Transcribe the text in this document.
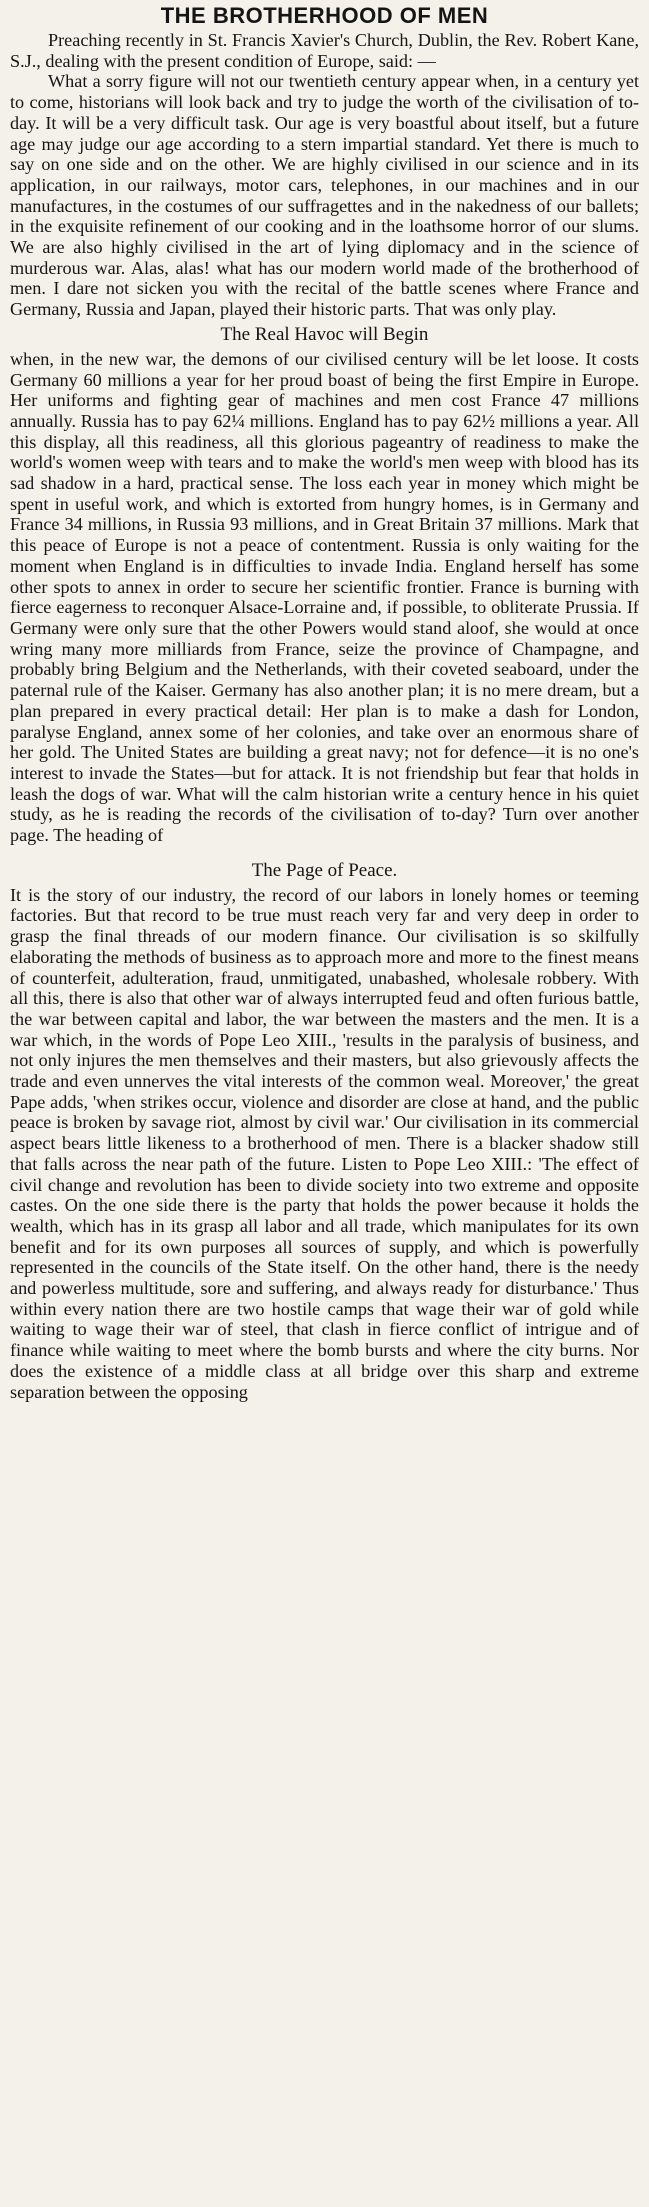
THE BROTHERHOOD OF MEN

Preaching recently in St. Francis Xavier's Church, Dublin, the Rev. Robert Kane, S.J., dealing with the present condition of Europe, said: —

What a sorry figure will not our twentieth century appear when, in a century yet to come, historians will look back and try to judge the worth of the civilisation of to-day. It will be a very difficult task. Our age is very boastful about itself, but a future age may judge our age according to a stern impartial standard. Yet there is much to say on one side and on the other. We are highly civilised in our science and in its application, in our railways, motor cars, telephones, in our machines and in our manufactures, in the costumes of our suffragettes and in the nakedness of our ballets; in the exquisite refinement of our cooking and in the loathsome horror of our slums. We are also highly civilised in the art of lying diplomacy and in the science of murderous war. Alas, alas! what has our modern world made of the brotherhood of men. I dare not sicken you with the recital of the battle scenes where France and Germany, Russia and Japan, played their historic parts. That was only play.

The Real Havoc will Begin

when, in the new war, the demons of our civilised century will be let loose. It costs Germany 60 millions a year for her proud boast of being the first Empire in Europe. Her uniforms and fighting gear of machines and men cost France 47 millions annually. Russia has to pay 62¼ millions. England has to pay 62½ millions a year. All this display, all this readiness, all this glorious pageantry of readiness to make the world's women weep with tears and to make the world's men weep with blood has its sad shadow in a hard, practical sense. The loss each year in money which might be spent in useful work, and which is extorted from hungry homes, is in Germany and France 34 millions, in Russia 93 millions, and in Great Britain 37 millions. Mark that this peace of Europe is not a peace of contentment. Russia is only waiting for the moment when England is in difficulties to invade India. England herself has some other spots to annex in order to secure her scientific frontier. France is burning with fierce eagerness to reconquer Alsace-Lorraine and, if possible, to obliterate Prussia. If Germany were only sure that the other Powers would stand aloof, she would at once wring many more milliards from France, seize the province of Champagne, and probably bring Belgium and the Netherlands, with their coveted seaboard, under the paternal rule of the Kaiser. Germany has also another plan; it is no mere dream, but a plan prepared in every practical detail: Her plan is to make a dash for London, paralyse England, annex some of her colonies, and take over an enormous share of her gold. The United States are building a great navy; not for defence—it is no one's interest to invade the States—but for attack. It is not friendship but fear that holds in leash the dogs of war. What will the calm historian write a century hence in his quiet study, as he is reading the records of the civilisation of to-day? Turn over another page. The heading of

The Page of Peace.

It is the story of our industry, the record of our labors in lonely homes or teeming factories. But that record to be true must reach very far and very deep in order to grasp the final threads of our modern finance. Our civilisation is so skilfully elaborating the methods of business as to approach more and more to the finest means of counterfeit, adulteration, fraud, unmitigated, unabashed, wholesale robbery. With all this, there is also that other war of always interrupted feud and often furious battle, the war between capital and labor, the war between the masters and the men. It is a war which, in the words of Pope Leo XIII., 'results in the paralysis of business, and not only injures the men themselves and their masters, but also grievously affects the trade and even unnerves the vital interests of the common weal. Moreover,' the great Pape adds, 'when strikes occur, violence and disorder are close at hand, and the public peace is broken by savage riot, almost by civil war.' Our civilisation in its commercial aspect bears little likeness to a brotherhood of men. There is a blacker shadow still that falls across the near path of the future. Listen to Pope Leo XIII.: 'The effect of civil change and revolution has been to divide society into two extreme and opposite castes. On the one side there is the party that holds the power because it holds the wealth, which has in its grasp all labor and all trade, which manipulates for its own benefit and for its own purposes all sources of supply, and which is powerfully represented in the councils of the State itself. On the other hand, there is the needy and powerless multitude, sore and suffering, and always ready for disturbance.' Thus within every nation there are two hostile camps that wage their war of gold while waiting to wage their war of steel, that clash in fierce conflict of intrigue and of finance while waiting to meet where the bomb bursts and where the city burns. Nor does the existence of a middle class at all bridge over this sharp and extreme separation between the opposing
